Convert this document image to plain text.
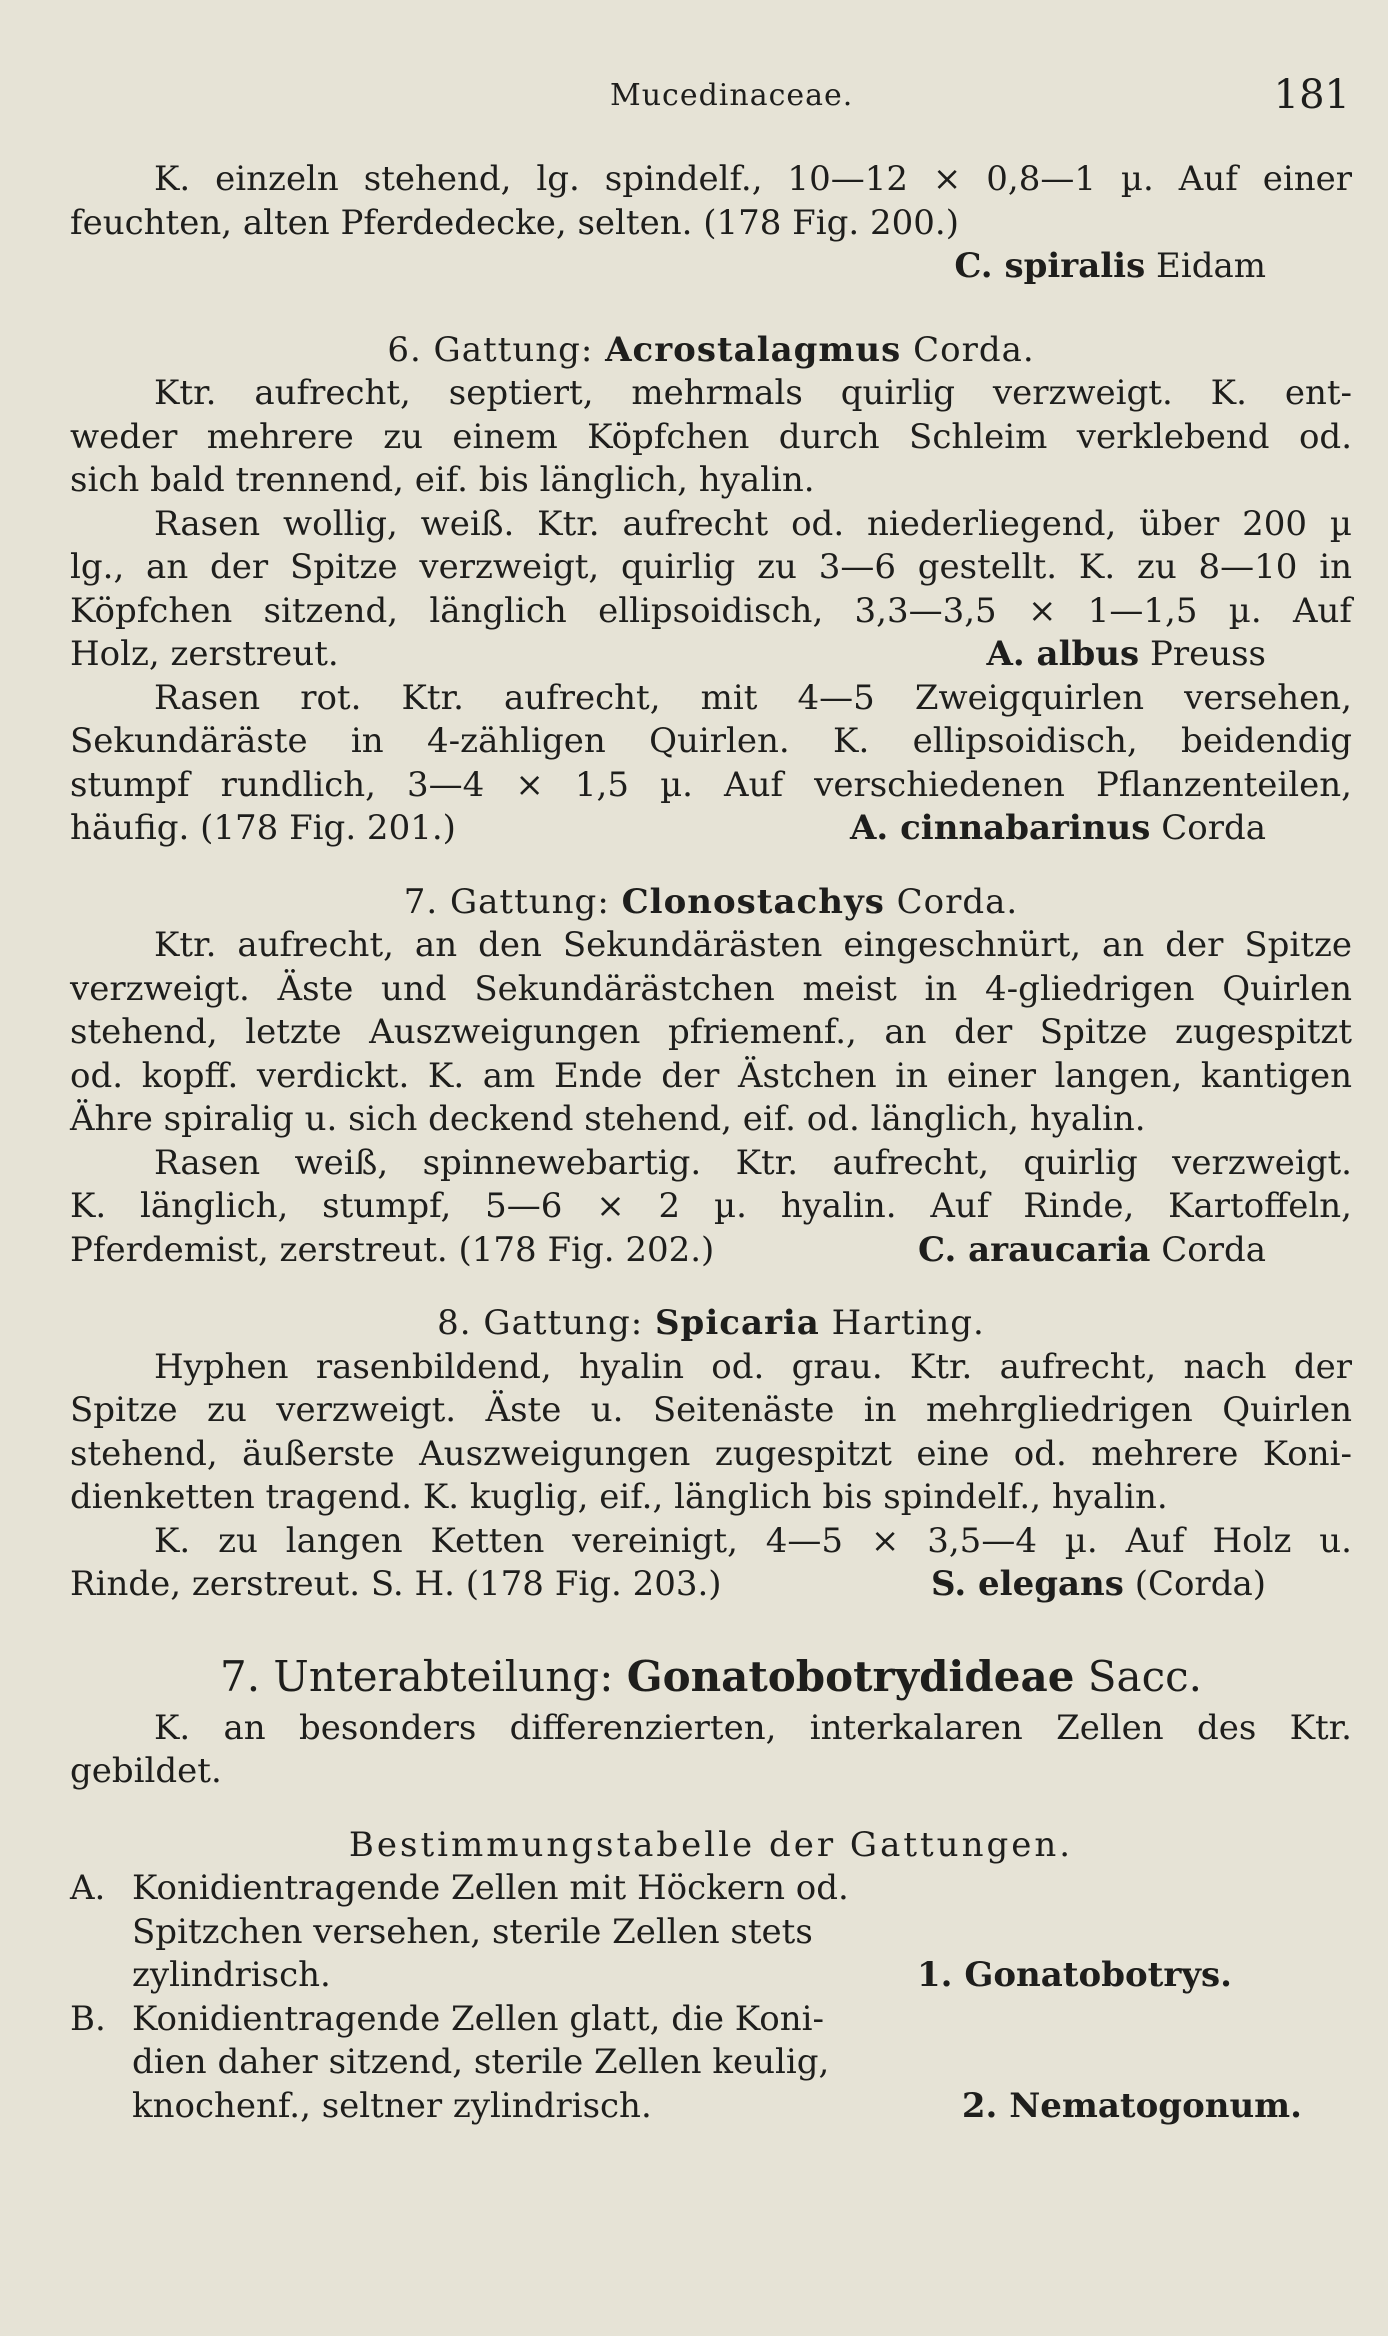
Mucedinaceae.	181
K. einzeln stehend, lg. spindelf., 10—12 × 0,8—1 µ. Auf einer
feuchten, alten Pferdedecke, selten. (178 Fig. 200.)
C. spiralis Eidam
6. Gattung: Acrostalagmus Corda.
Ktr. aufrecht, septiert, mehrmals quirlig verzweigt. K. ent-
weder mehrere zu einem Köpfchen durch Schleim verklebend od.
sich bald trennend, eif. bis länglich, hyalin.
Rasen wollig, weiß. Ktr. aufrecht od. niederliegend, über 200 µ
lg., an der Spitze verzweigt, quirlig zu 3—6 gestellt. K. zu 8—10 in
Köpfchen sitzend, länglich ellipsoidisch, 3,3—3,5 × 1—1,5 µ. Auf
Holz, zerstreut.	A. albus Preuss
Rasen rot. Ktr. aufrecht, mit 4—5 Zweigquirlen versehen,
Sekundäräste in 4-zähligen Quirlen. K. ellipsoidisch, beidendig
stumpf rundlich, 3—4 × 1,5 µ. Auf verschiedenen Pflanzenteilen,
häufig. (178 Fig. 201.)	A. cinnabarinus Corda
7. Gattung: Clonostachys Corda.
Ktr. aufrecht, an den Sekundärästen eingeschnürt, an der Spitze
verzweigt. Äste und Sekundärästchen meist in 4-gliedrigen Quirlen
stehend, letzte Auszweigungen pfriemenf., an der Spitze zugespitzt
od. kopff. verdickt. K. am Ende der Ästchen in einer langen, kantigen
Ähre spiralig u. sich deckend stehend, eif. od. länglich, hyalin.
Rasen weiß, spinnewebartig. Ktr. aufrecht, quirlig verzweigt.
K. länglich, stumpf, 5—6 × 2 µ. hyalin. Auf Rinde, Kartoffeln,
Pferdemist, zerstreut. (178 Fig. 202.)	C. araucaria Corda
8. Gattung: Spicaria Harting.
Hyphen rasenbildend, hyalin od. grau. Ktr. aufrecht, nach der
Spitze zu verzweigt. Äste u. Seitenäste in mehrgliedrigen Quirlen
stehend, äußerste Auszweigungen zugespitzt eine od. mehrere Koni-
dienketten tragend. K. kuglig, eif., länglich bis spindelf., hyalin.
K. zu langen Ketten vereinigt, 4—5 × 3,5—4 µ. Auf Holz u.
Rinde, zerstreut. S. H. (178 Fig. 203.)	S. elegans (Corda)
7. Unterabteilung: Gonatobotrydideae Sacc.
K. an besonders differenzierten, interkalaren Zellen des Ktr.
gebildet.
Bestimmungstabelle der Gattungen.
A. Konidientragende Zellen mit Höckern od.
Spitzchen versehen, sterile Zellen stets
zylindrisch.	1. Gonatobotrys.
B. Konidientragende Zellen glatt, die Koni-
dien daher sitzend, sterile Zellen keulig,
knochenf., seltner zylindrisch.	2. Nematogonum.
